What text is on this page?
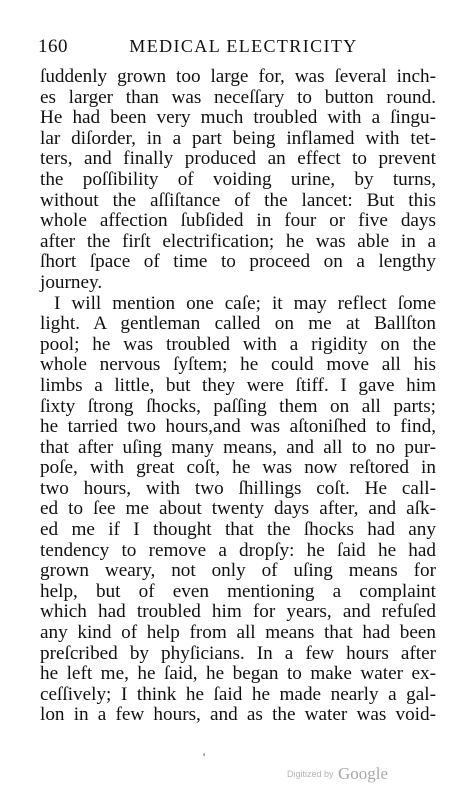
160	MEDICAL ELECTRICITY
ſuddenly grown too large for, was ſeveral inch-
es larger than was neceſſary to button round.
He had been very much troubled with a ſingu-
lar diſorder, in a part being inflamed with tet-
ters, and finally produced an effect to prevent
the poſſibility of voiding urine, by turns,
without the aſſiſtance of the lancet: But this
whole affection ſubſided in four or five days
after the firſt electrification; he was able in a
ſhort ſpace of time to proceed on a lengthy
journey.
I will mention one caſe; it may reflect ſome
light. A gentleman called on me at Ballſton
pool; he was troubled with a rigidity on the
whole nervous ſyſtem; he could move all his
limbs a little, but they were ſtiff. I gave him
ſixty ſtrong ſhocks, paſſing them on all parts;
he tarried two hours,and was aſtoniſhed to find,
that after uſing many means, and all to no pur-
poſe, with great coſt, he was now reſtored in
two hours, with two ſhillings coſt. He call-
ed to ſee me about twenty days after, and aſk-
ed me if I thought that the ſhocks had any
tendency to remove a dropſy: he ſaid he had
grown weary, not only of uſing means for
help, but of even mentioning a complaint
which had troubled him for years, and refuſed
any kind of help from all means that had been
preſcribed by phyſicians. In a few hours after
he left me, he ſaid, he began to make water ex-
ceſſively; I think he ſaid he made nearly a gal-
lon in a few hours, and as the water was void-
'
Digitized by Google
